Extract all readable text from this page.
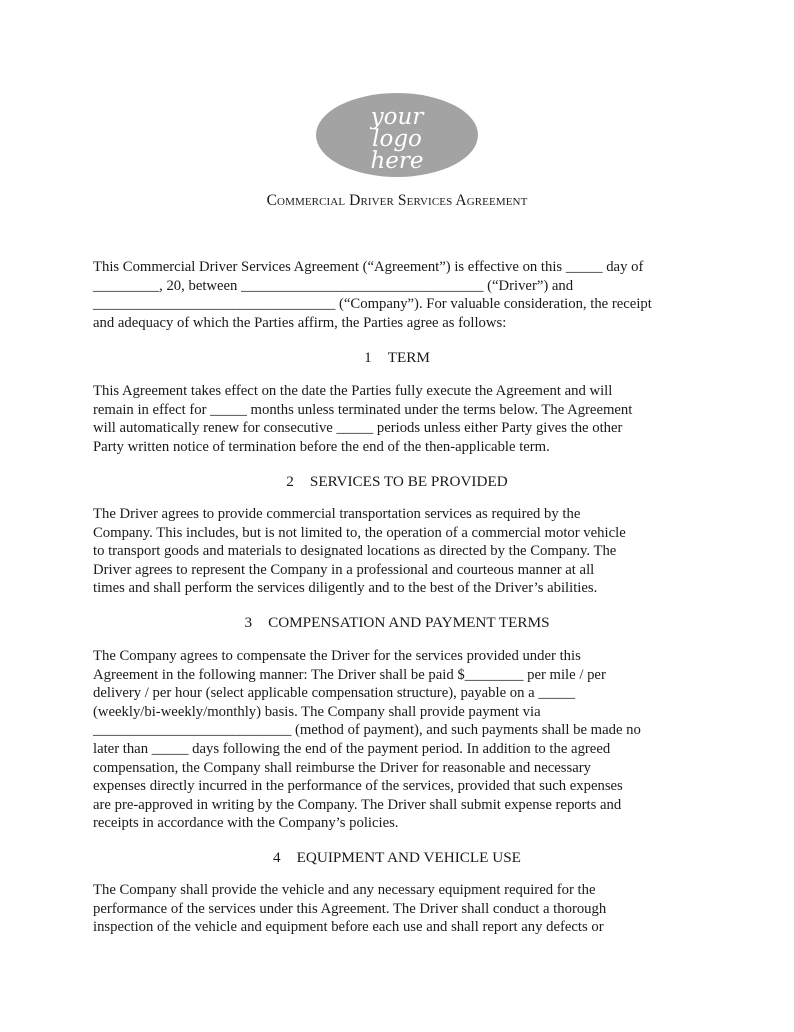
your
logo
here
Commercial Driver Services Agreement
This Commercial Driver Services Agreement (“Agreement”) is effective on this _____ day of
_________, 20, between _________________________________ (“Driver”) and
_________________________________ (“Company”). For valuable consideration, the receipt
and adequacy of which the Parties affirm, the Parties agree as follows:
1 TERM
This Agreement takes effect on the date the Parties fully execute the Agreement and will
remain in effect for _____ months unless terminated under the terms below. The Agreement
will automatically renew for consecutive _____ periods unless either Party gives the other
Party written notice of termination before the end of the then-applicable term.
2 SERVICES TO BE PROVIDED
The Driver agrees to provide commercial transportation services as required by the
Company. This includes, but is not limited to, the operation of a commercial motor vehicle
to transport goods and materials to designated locations as directed by the Company. The
Driver agrees to represent the Company in a professional and courteous manner at all
times and shall perform the services diligently and to the best of the Driver’s abilities.
3 COMPENSATION AND PAYMENT TERMS
The Company agrees to compensate the Driver for the services provided under this
Agreement in the following manner: The Driver shall be paid $________ per mile / per
delivery / per hour (select applicable compensation structure), payable on a _____
(weekly/bi-weekly/monthly) basis. The Company shall provide payment via
___________________________ (method of payment), and such payments shall be made no
later than _____ days following the end of the payment period. In addition to the agreed
compensation, the Company shall reimburse the Driver for reasonable and necessary
expenses directly incurred in the performance of the services, provided that such expenses
are pre-approved in writing by the Company. The Driver shall submit expense reports and
receipts in accordance with the Company’s policies.
4 EQUIPMENT AND VEHICLE USE
The Company shall provide the vehicle and any necessary equipment required for the
performance of the services under this Agreement. The Driver shall conduct a thorough
inspection of the vehicle and equipment before each use and shall report any defects or
